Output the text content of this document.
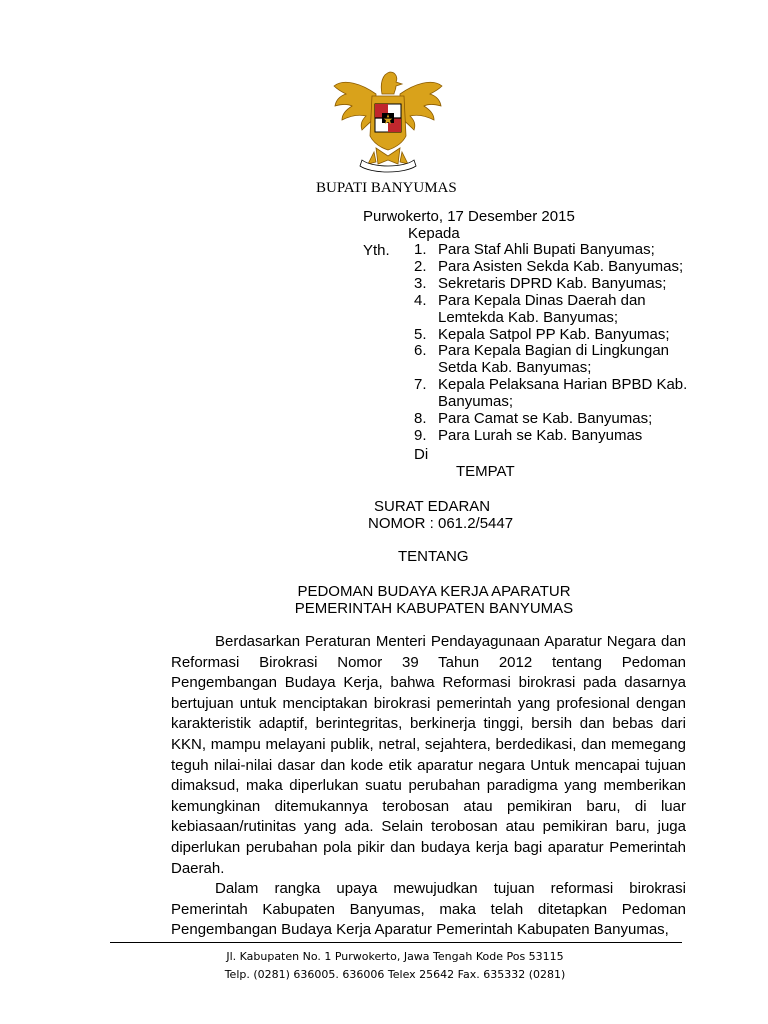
BUPATI BANYUMAS
Purwokerto, 17 Desember 2015
Kepada
Yth. 1. Para Staf Ahli Bupati Banyumas;
2. Para Asisten Sekda Kab. Banyumas;
3. Sekretaris DPRD Kab. Banyumas;
4. Para Kepala Dinas Daerah dan
Lemtekda Kab. Banyumas;
5. Kepala Satpol PP Kab. Banyumas;
6. Para Kepala Bagian di Lingkungan
Setda Kab. Banyumas;
7. Kepala Pelaksana Harian BPBD Kab.
Banyumas;
8. Para Camat se Kab. Banyumas;
9. Para Lurah se Kab. Banyumas
Di
TEMPAT
SURAT EDARAN
NOMOR : 061.2/5447
TENTANG
PEDOMAN BUDAYA KERJA APARATUR
PEMERINTAH KABUPATEN BANYUMAS

Berdasarkan Peraturan Menteri Pendayagunaan Aparatur Negara dan Reformasi Birokrasi Nomor 39 Tahun 2012 tentang Pedoman Pengembangan Budaya Kerja, bahwa Reformasi birokrasi pada dasarnya bertujuan untuk menciptakan birokrasi pemerintah yang profesional dengan karakteristik adaptif, berintegritas, berkinerja tinggi, bersih dan bebas dari KKN, mampu melayani publik, netral, sejahtera, berdedikasi, dan memegang teguh nilai-nilai dasar dan kode etik aparatur negara Untuk mencapai tujuan dimaksud, maka diperlukan suatu perubahan paradigma yang memberikan kemungkinan ditemukannya terobosan atau pemikiran baru, di luar kebiasaan/rutinitas yang ada. Selain terobosan atau pemikiran baru, juga diperlukan perubahan pola pikir dan budaya kerja bagi aparatur Pemerintah Daerah.

Dalam rangka upaya mewujudkan tujuan reformasi birokrasi Pemerintah Kabupaten Banyumas, maka telah ditetapkan Pedoman Pengembangan Budaya Kerja Aparatur Pemerintah Kabupaten Banyumas,

Jl. Kabupaten No. 1 Purwokerto, Jawa Tengah Kode Pos 53115
Telp. (0281) 636005. 636006 Telex 25642 Fax. 635332 (0281)
